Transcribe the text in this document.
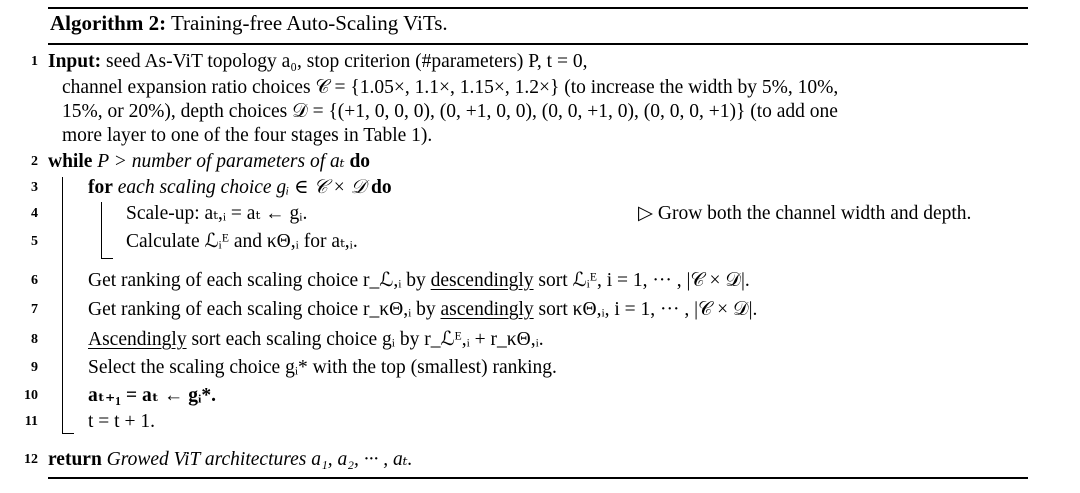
Algorithm 2: Training-free Auto-Scaling ViTs.
1
2
3
4
5
6
7
8
9
10
11
12
Input: seed As-ViT topology a₀, stop criterion (#parameters) P, t = 0,
channel expansion ratio choices 𝒞 = {1.05×, 1.1×, 1.15×, 1.2×} (to increase the width by 5%, 10%,
15%, or 20%), depth choices 𝒟 = {(+1, 0, 0, 0), (0, +1, 0, 0), (0, 0, +1, 0), (0, 0, 0, +1)} (to add one
more layer to one of the four stages in Table 1).
while P > number of parameters of aₜ do
for each scaling choice gᵢ ∈ 𝒞 × 𝒟 do
Scale-up: aₜ,ᵢ = aₜ ← gᵢ.	▷ Grow both the channel width and depth.
Calculate ℒᵢᴱ and κΘ,ᵢ for aₜ,ᵢ.
Get ranking of each scaling choice r_ℒ,ᵢ by descendingly sort ℒᵢᴱ, i = 1, ··· , |𝒞 × 𝒟|.
Get ranking of each scaling choice r_κΘ,ᵢ by ascendingly sort κΘ,ᵢ, i = 1, ··· , |𝒞 × 𝒟|.
Ascendingly sort each scaling choice gᵢ by r_ℒᴱ,ᵢ + r_κΘ,ᵢ.
Select the scaling choice gᵢ* with the top (smallest) ranking.
aₜ₊₁ = aₜ ← gᵢ*.
t = t + 1.
return Growed ViT architectures a₁, a₂, ··· , aₜ.
